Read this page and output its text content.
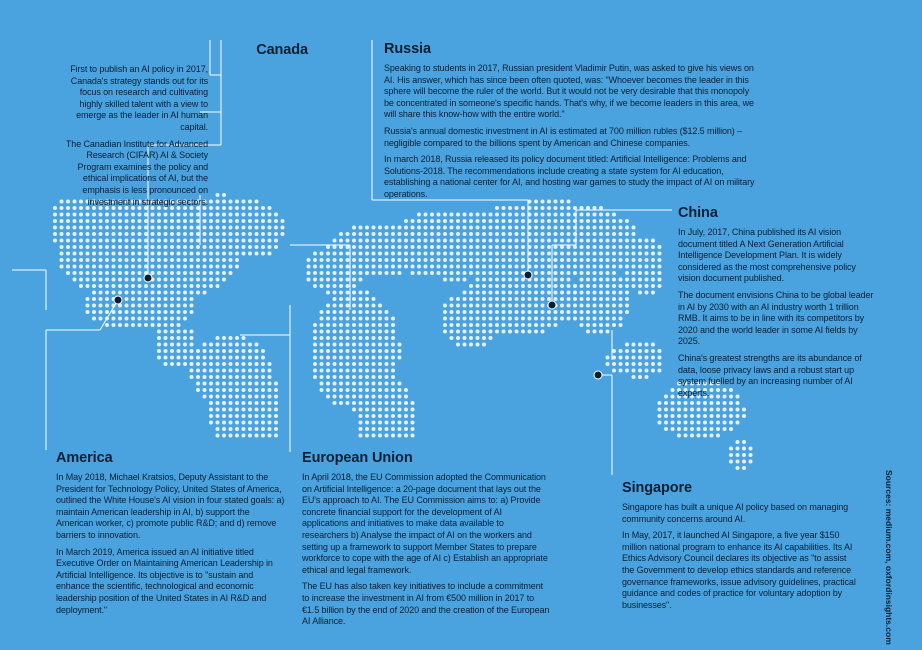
Canada

First to publish an AI policy in 2017, Canada's strategy stands out for its focus on research and cultivating highly skilled talent with a view to emerge as the leader in AI human capital.

The Canadian Institute for Advanced Research (CIFAR) AI & Society Program examines the policy and ethical implications of AI, but the emphasis is less pronounced on investment in strategic sectors.

Russia

Speaking to students in 2017, Russian president Vladimir Putin, was asked to give his views on AI. His answer, which has since been often quoted, was: "Whoever becomes the leader in this sphere will become the ruler of the world. But it would not be very desirable that this monopoly be concentrated in someone's specific hands. That's why, if we become leaders in this area, we will share this know-how with the entire world."

Russia's annual domestic investment in AI is estimated at 700 million rubles ($12.5 million) – negligible compared to the billions spent by American and Chinese companies.

In march 2018, Russia released its policy document titled: Artificial Intelligence: Problems and Solutions-2018. The recommendations include creating a state system for AI education, establishing a national center for AI, and hosting war games to study the impact of AI on military operations.

China

In July, 2017, China published its AI vision document titled A Next Generation Artificial Intelligence Development Plan. It is widely considered as the most comprehensive policy vision document published.

The document envisions China to be global leader in AI by 2030 with an AI industry worth 1 trillion RMB. It aims to be in line with its competitors by 2020 and the world leader in some AI fields by 2025.

China's greatest strengths are its abundance of data, loose privacy laws and a robust start up system fuelled by an increasing number of AI experts.

America

In May 2018, Michael Kratsios, Deputy Assistant to the President for Technology Policy, United States of America, outlined the White House's AI vision in four stated goals: a) maintain American leadership in AI, b) support the American worker, c) promote public R&D; and d) remove barriers to innovation.

In March 2019, America issued an AI initiative titled Executive Order on Maintaining American Leadership in Artificial Intelligence. Its objective is to "sustain and enhance the scientific, technological and economic leadership position of the United States in AI R&D and deployment."

European Union

In April 2018, the EU Commission adopted the Communication on Artificial Intelligence: a 20-page document that lays out the EU's approach to AI. The EU Commission aims to: a) Provide concrete financial support for the development of AI applications and initiatives to make data available to researchers b) Analyse the impact of AI on the workers and setting up a framework to support Member States to prepare workforce to cope with the age of AI c) Establish an appropriate ethical and legal framework.

The EU has also taken key initiatives to include a commitment to increase the investment in AI from €500 million in 2017 to €1.5 billion by the end of 2020 and the creation of the European AI Alliance.

Singapore

Singapore has built a unique AI policy based on managing community concerns around AI.

In May, 2017, it launched AI Singapore, a five year $150 million national program to enhance its AI capabilities. Its AI Ethics Advisory Council declares its objective as "to assist the Government to develop ethics standards and reference governance frameworks, issue advisory guidelines, practical guidance and codes of practice for voluntary adoption by businesses".	Sources: medium.com, oxfordinsights.com
